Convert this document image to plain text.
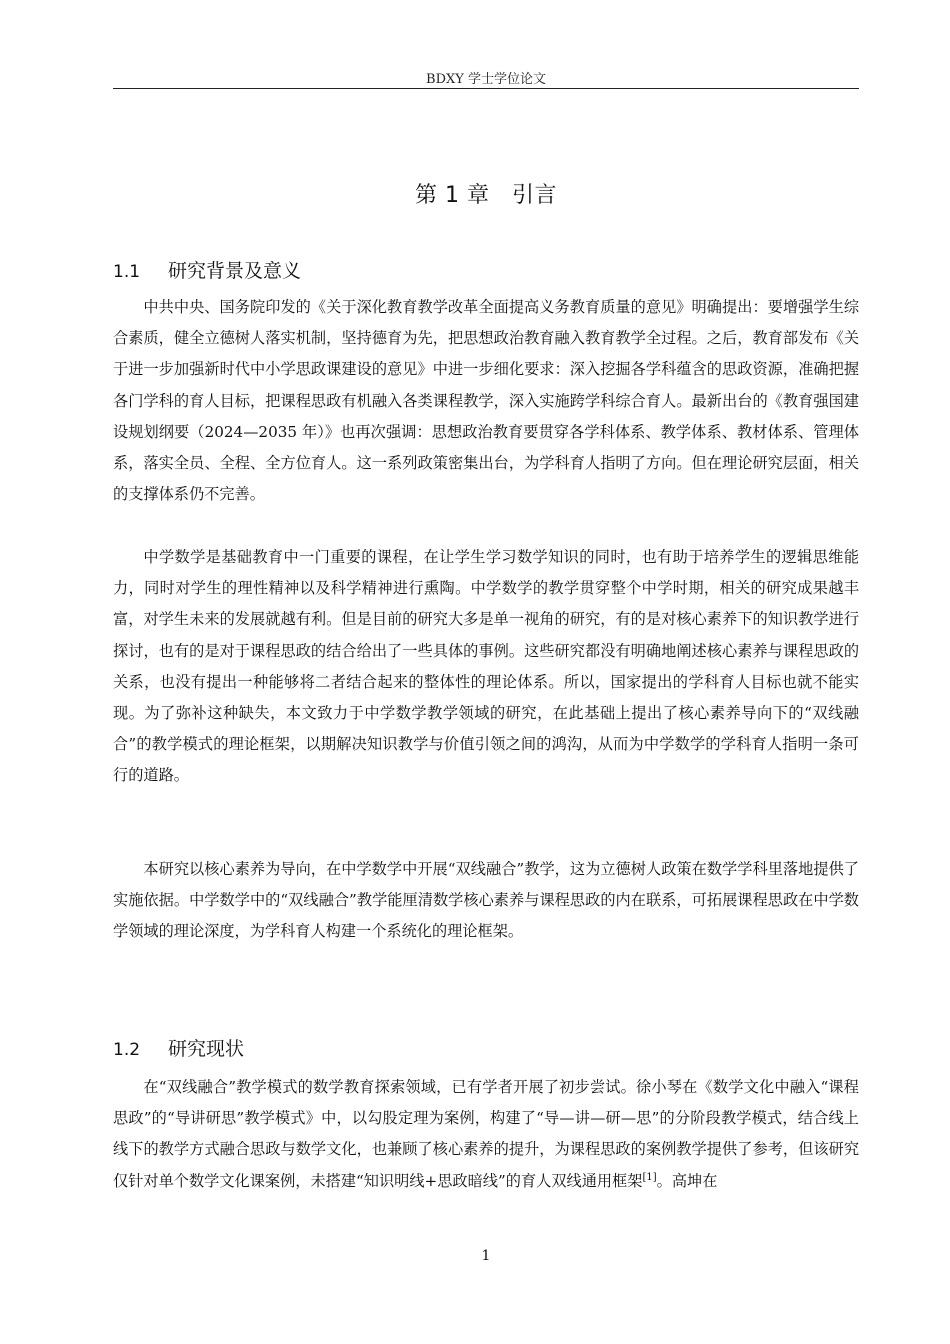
BDXY 学士学位论文
第 1 章　引言
1.1 研究背景及意义

中共中央、国务院印发的《关于深化教育教学改革全面提高义务教育质量的意见》明确提出：要增强学生综合素质，健全立德树人落实机制，坚持德育为先，把思想政治教育融入教育教学全过程。之后，教育部发布《关于进一步加强新时代中小学思政课建设的意见》中进一步细化要求：深入挖掘各学科蕴含的思政资源，准确把握各门学科的育人目标，把课程思政有机融入各类课程教学，深入实施跨学科综合育人。最新出台的《教育强国建设规划纲要（2024—2035 年）》也再次强调：思想政治教育要贯穿各学科体系、教学体系、教材体系、管理体系，落实全员、全程、全方位育人。这一系列政策密集出台，为学科育人指明了方向。但在理论研究层面，相关的支撑体系仍不完善。

中学数学是基础教育中一门重要的课程，在让学生学习数学知识的同时，也有助于培养学生的逻辑思维能力，同时对学生的理性精神以及科学精神进行熏陶。中学数学的教学贯穿整个中学时期，相关的研究成果越丰富，对学生未来的发展就越有利。但是目前的研究大多是单一视角的研究，有的是对核心素养下的知识教学进行探讨，也有的是对于课程思政的结合给出了一些具体的事例。这些研究都没有明确地阐述核心素养与课程思政的关系，也没有提出一种能够将二者结合起来的整体性的理论体系。所以，国家提出的学科育人目标也就不能实现。为了弥补这种缺失，本文致力于中学数学教学领域的研究，在此基础上提出了核心素养导向下的“双线融合”的教学模式的理论框架，以期解决知识教学与价值引领之间的鸿沟，从而为中学数学的学科育人指明一条可行的道路。

本研究以核心素养为导向，在中学数学中开展“双线融合”教学，这为立德树人政策在数学学科里落地提供了实施依据。中学数学中的“双线融合”教学能厘清数学核心素养与课程思政的内在联系，可拓展课程思政在中学数学领域的理论深度，为学科育人构建一个系统化的理论框架。

1.2 研究现状

在“双线融合”教学模式的数学教育探索领域，已有学者开展了初步尝试。徐小琴在《数学文化中融入“课程思政”的“导讲研思”教学模式》中，以勾股定理为案例，构建了“导—讲—研—思”的分阶段教学模式，结合线上线下的教学方式融合思政与数学文化，也兼顾了核心素养的提升，为课程思政的案例教学提供了参考，但该研究仅针对单个数学文化课案例，未搭建“知识明线+思政暗线”的育人双线通用框架[1]。高坤在

1
